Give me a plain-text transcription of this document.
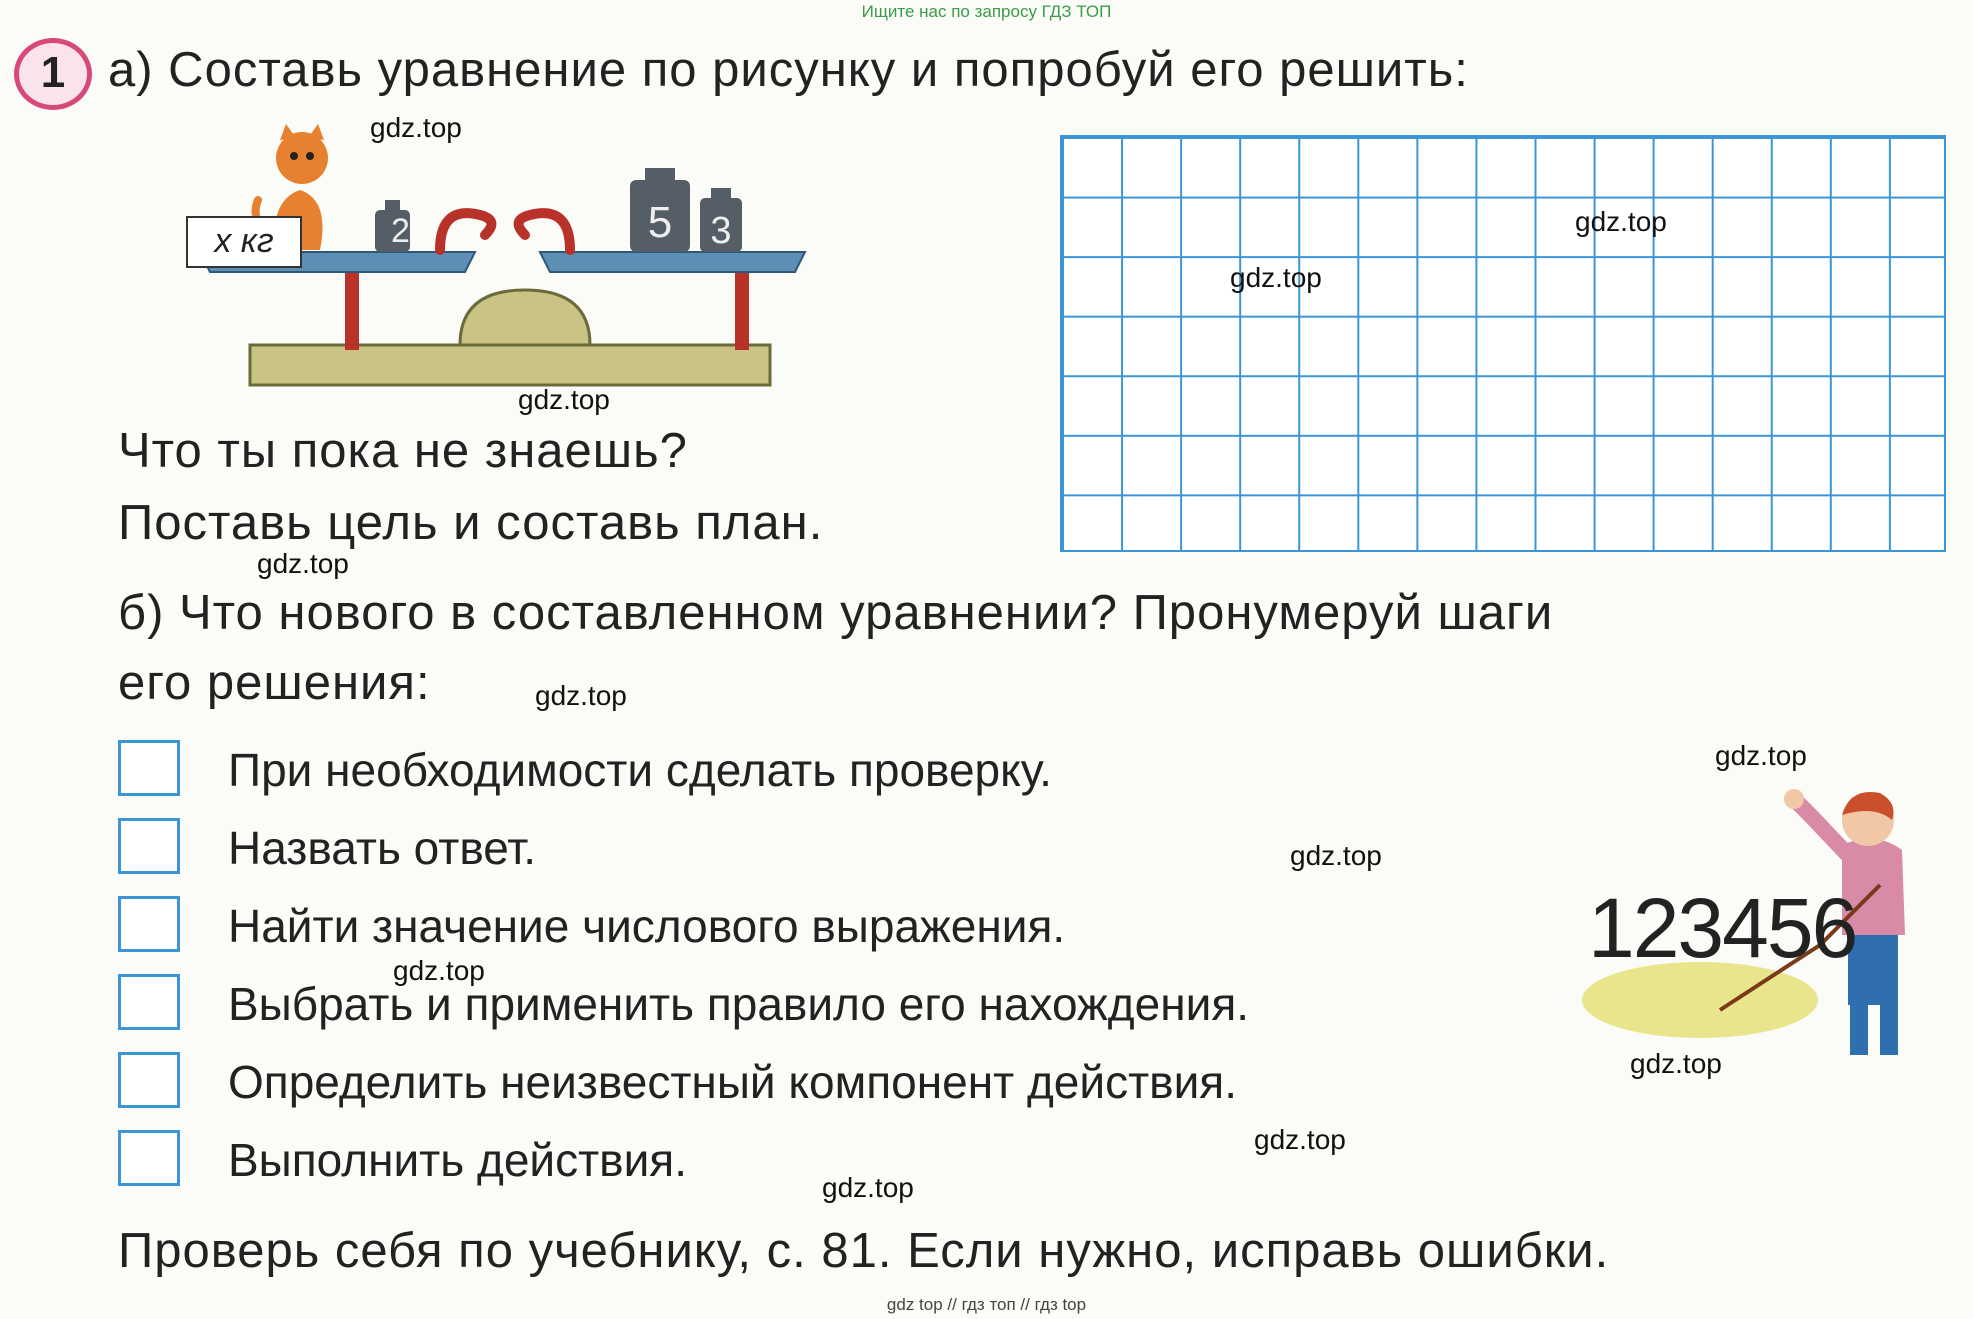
Ищите нас по запросу ГДЗ ТОП
1 а) Составь уравнение по рисунку и попробуй его решить:
х кг	2	5	3
Что ты пока не знаешь?
Поставь цель и составь план.
б) Что нового в составленном уравнении? Пронумеруй шаги
его решения:
При необходимости сделать проверку.
Назвать ответ.
Найти значение числового выражения.
Выбрать и применить правило его нахождения.
Определить неизвестный компонент действия.
Выполнить действия.
Проверь себя по учебнику, с. 81. Если нужно, исправь ошибки.
123456
gdz.top
gdz.top
gdz.top
gdz.top
gdz.top
gdz.top
gdz.top
gdz.top
gdz.top
gdz.top
gdz.top
gdz.top
gdz top // гдз топ // гдз top
